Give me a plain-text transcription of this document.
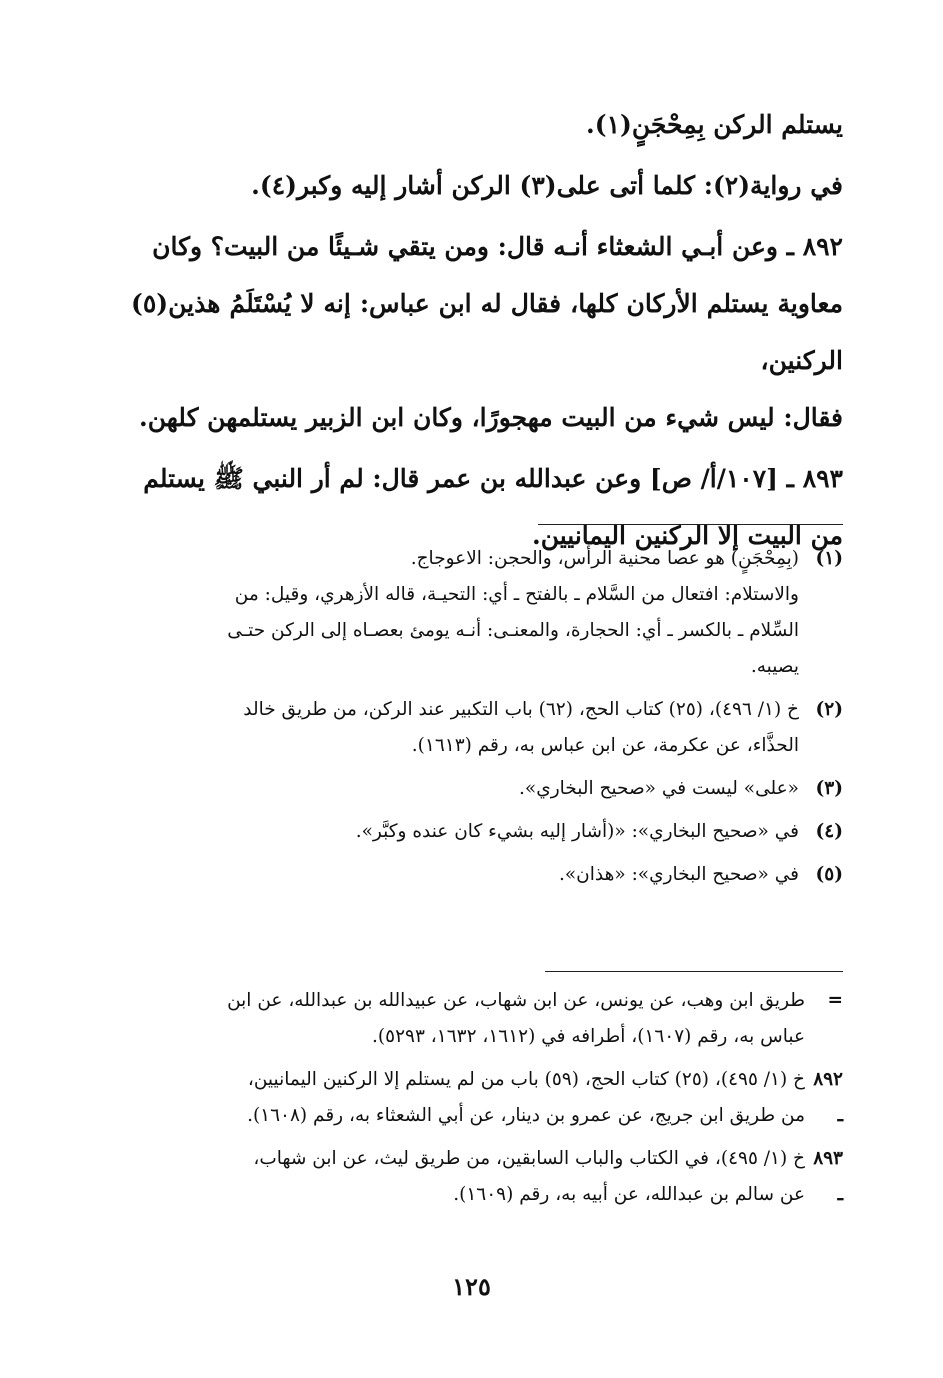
يستلم الركن بِمِحْجَنٍ(١).

في رواية(٢): كلما أتى على(٣) الركن أشار إليه وكبر(٤).

٨٩٢ ـ وعن أبـي الشعثاء أنـه قال: ومن يتقي شـيئًا من البيت؟ وكان

معاوية يستلم الأركان كلها، فقال له ابن عباس: إنه لا يُسْتَلَمُ هذين(٥) الركنين،

فقال: ليس شيء من البيت مهجورًا، وكان ابن الزبير يستلمهن كلهن.

٨٩٣ ـ [١٠٧/أ/ ص] وعن عبدالله بن عمر قال: لم أر النبي ﷺ يستلم

من البيت إلا الركنين اليمانيين.

(١)
(بِمِحْجَنٍ) هو عصا محنية الرأس، والحجن: الاعوجاج.
والاستلام: افتعال من السَّلام ـ بالفتح ـ أي: التحيـة، قاله الأزهري، وقيل: من
السِّلام ـ بالكسر ـ أي: الحجارة، والمعنـى: أنـه يومئ بعصـاه إلى الركن حتـى
يصيبه.
(٢)
خ (١/ ٤٩٦)، (٢٥) كتاب الحج، (٦٢) باب التكبير عند الركن، من طريق خالد
الحذَّاء، عن عكرمة، عن ابن عباس به، رقم (١٦١٣).
(٣)
«على» ليست في «صحيح البخاري».
(٤)
في «صحيح البخاري»: «(أشار إليه بشيء كان عنده وكبَّر».
(٥)
في «صحيح البخاري»: «هذان».
=
طريق ابن وهب، عن يونس، عن ابن شهاب، عن عبيدالله بن عبدالله، عن ابن
عباس به، رقم (١٦٠٧)، أطرافه في (١٦١٢، ١٦٣٢، ٥٢٩٣).
٨٩٢ ـ
خ (١/ ٤٩٥)، (٢٥) كتاب الحج، (٥٩) باب من لم يستلم إلا الركنين اليمانيين،
من طريق ابن جريج، عن عمرو بن دينار، عن أبي الشعثاء به، رقم (١٦٠٨).
٨٩٣ ـ
خ (١/ ٤٩٥)، في الكتاب والباب السابقين، من طريق ليث، عن ابن شهاب،
عن سالم بن عبدالله، عن أبيه به، رقم (١٦٠٩).
١٢٥
